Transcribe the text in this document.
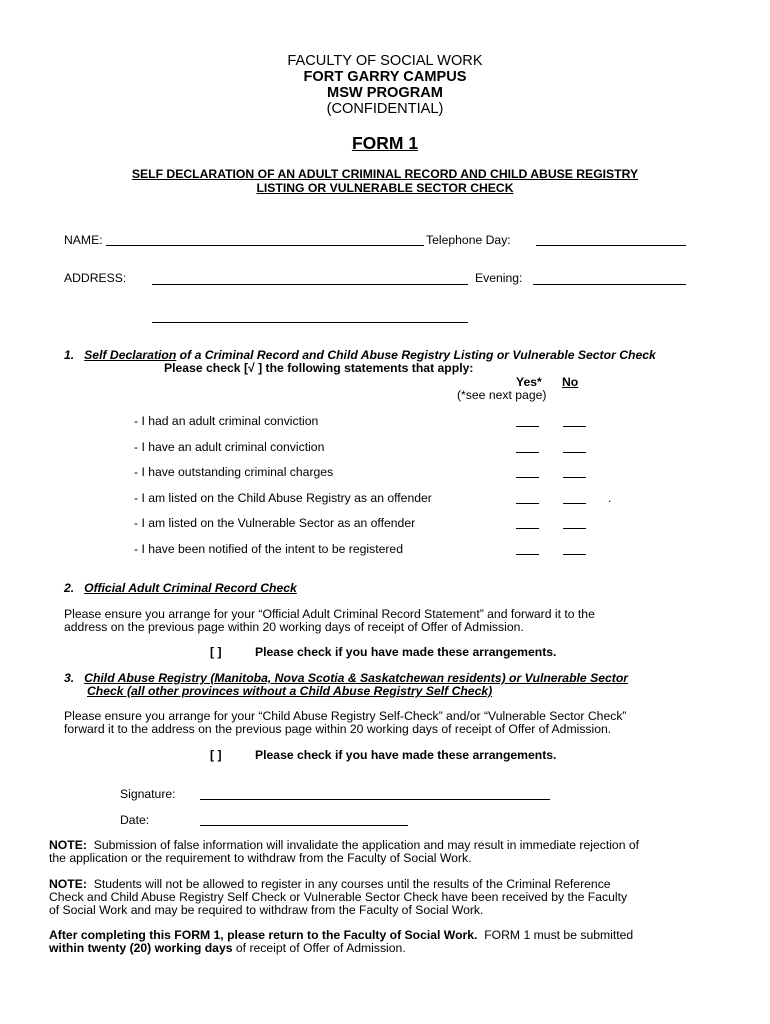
FACULTY OF SOCIAL WORK
FORT GARRY CAMPUS
MSW PROGRAM
(CONFIDENTIAL)
FORM 1
SELF DECLARATION OF AN ADULT CRIMINAL RECORD AND CHILD ABUSE REGISTRY
LISTING OR VULNERABLE SECTOR CHECK
NAME:	Telephone Day:
ADDRESS:	Evening:
1. Self Declaration of a Criminal Record and Child Abuse Registry Listing or Vulnerable Sector Check
Please check [√ ] the following statements that apply:
Yes* No
(*see next page)
- I had an adult criminal conviction
- I have an adult criminal conviction
- I have outstanding criminal charges
- I am listed on the Child Abuse Registry as an offender	.
- I am listed on the Vulnerable Sector as an offender
- I have been notified of the intent to be registered
2. Official Adult Criminal Record Check
Please ensure you arrange for your “Official Adult Criminal Record Statement” and forward it to the
address on the previous page within 20 working days of receipt of Offer of Admission.
[ ]	Please check if you have made these arrangements.
3. Child Abuse Registry (Manitoba, Nova Scotia & Saskatchewan residents) or Vulnerable Sector
Check (all other provinces without a Child Abuse Registry Self Check)
Please ensure you arrange for your “Child Abuse Registry Self-Check” and/or “Vulnerable Sector Check”
forward it to the address on the previous page within 20 working days of receipt of Offer of Admission.
[ ]	Please check if you have made these arrangements.
Signature:
Date:
NOTE:  Submission of false information will invalidate the application and may result in immediate rejection of
the application or the requirement to withdraw from the Faculty of Social Work.
NOTE:  Students will not be allowed to register in any courses until the results of the Criminal Reference
Check and Child Abuse Registry Self Check or Vulnerable Sector Check have been received by the Faculty
of Social Work and may be required to withdraw from the Faculty of Social Work.
After completing this FORM 1, please return to the Faculty of Social Work.  FORM 1 must be submitted
within twenty (20) working days of receipt of Offer of Admission.
